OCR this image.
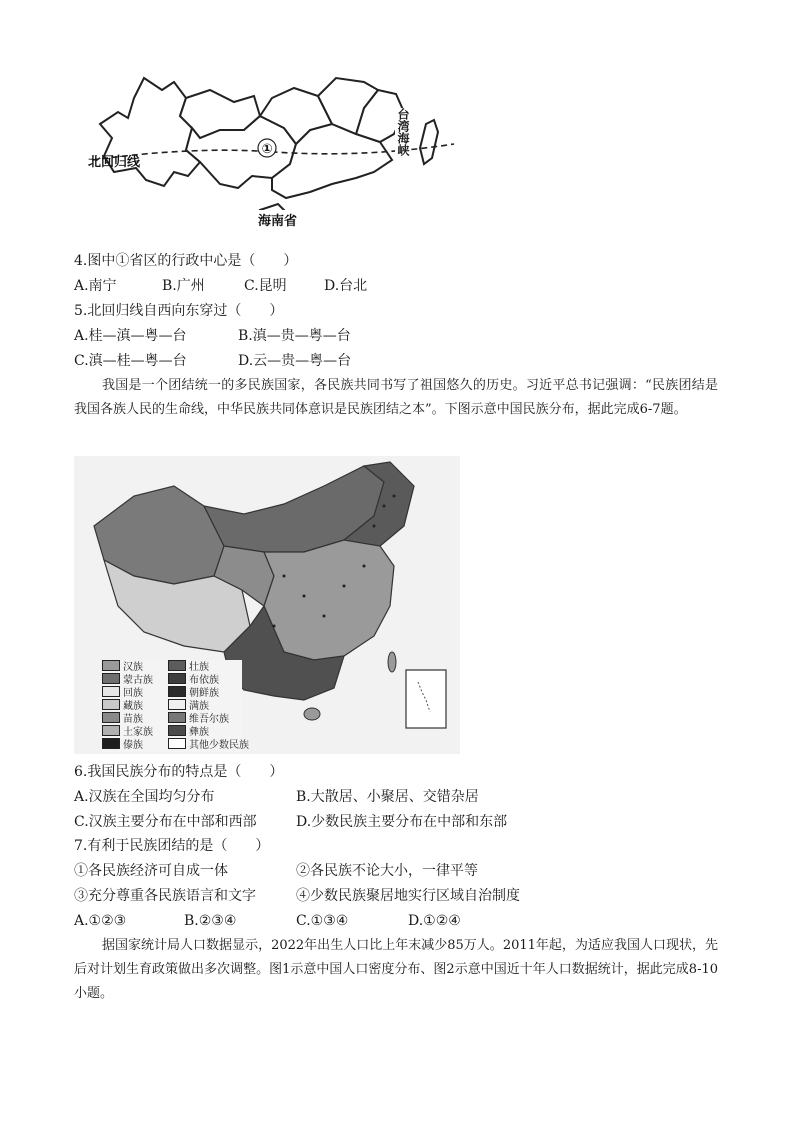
①
北回归线
海南省
台湾海峡
4.图中①省区的行政中心是（　　）
A.南宁	B.广州	C.昆明	D.台北
5.北回归线自西向东穿过（　　）
A.桂—滇—粤—台	B.滇—贵—粤—台
C.滇—桂—粤—台	D.云—贵—粤—台
我国是一个团结统一的多民族国家，各民族共同书写了祖国悠久的历史。习近平总书记强调：“民族团结是我国各族人民的生命线，中华民族共同体意识是民族团结之本”。下图示意中国民族分布，据此完成6-7题。
汉族	壮族
蒙古族	布依族
回族	朝鲜族
藏族	满族
苗族	维吾尔族
土家族	彝族
傣族	其他少数民族
6.我国民族分布的特点是（　　）
A.汉族在全国均匀分布	B.大散居、小聚居、交错杂居
C.汉族主要分布在中部和西部	D.少数民族主要分布在中部和东部
7.有利于民族团结的是（　　）
①各民族经济可自成一体	②各民族不论大小，一律平等
③充分尊重各民族语言和文字	④少数民族聚居地实行区域自治制度
A.①②③	B.②③④	C.①③④	D.①②④
据国家统计局人口数据显示，2022年出生人口比上年末减少85万人。2011年起，为适应我国人口现状，先后对计划生育政策做出多次调整。图1示意中国人口密度分布、图2示意中国近十年人口数据统计，据此完成8-10小题。
